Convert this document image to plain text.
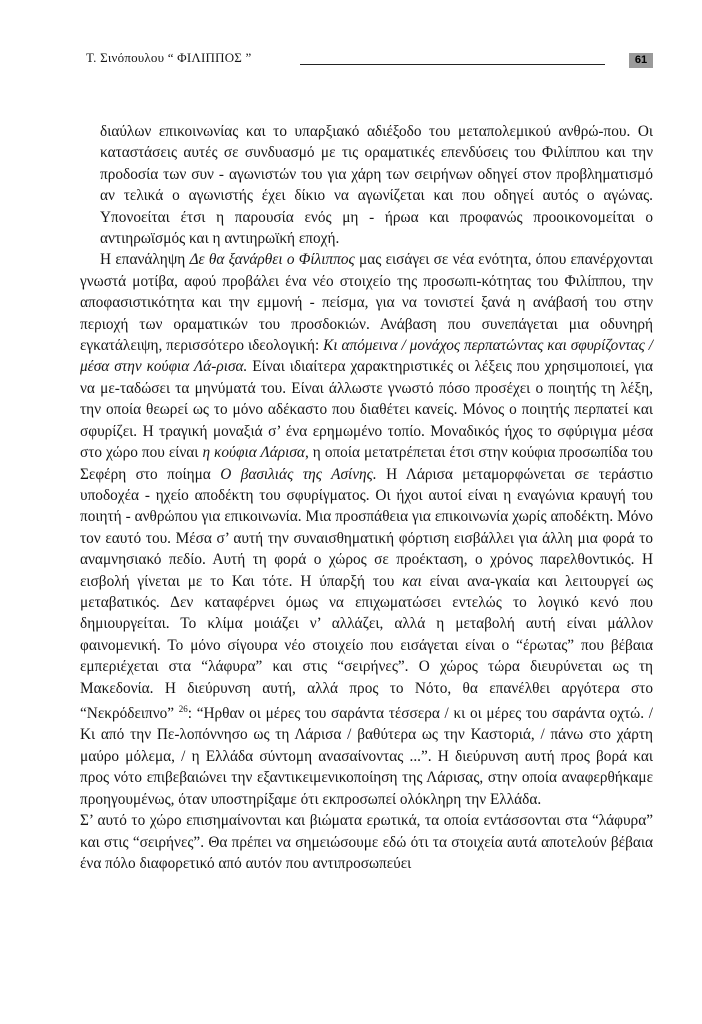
Τ. Σινόπουλου “ ΦΙΛΙΠΠΟΣ ”	61

διαύλων επικοινωνίας και το υπαρξιακό αδιέξοδο του μεταπολεμικού ανθρώ-που. Οι καταστάσεις αυτές σε συνδυασμό με τις οραματικές επενδύσεις του Φιλίππου και την προδοσία των συν - αγωνιστών του για χάρη των σειρήνων οδηγεί στον προβληματισμό αν τελικά ο αγωνιστής έχει δίκιο να αγωνίζεται και που οδηγεί αυτός ο αγώνας. Υπονοείται έτσι η παρουσία ενός μη - ήρωα και προφανώς προοικονομείται ο αντιηρωϊσμός και η αντιηρωϊκή εποχή.

Η επανάληψη Δε θα ξανάρθει ο Φίλιππος μας εισάγει σε νέα ενότητα, όπου επανέρχονται γνωστά μοτίβα, αφού προβάλει ένα νέο στοιχείο της προσωπι-κότητας του Φιλίππου, την αποφασιστικότητα και την εμμονή - πείσμα, για να τονιστεί ξανά η ανάβασή του στην περιοχή των οραματικών του προσδοκιών. Ανάβαση που συνεπάγεται μια οδυνηρή εγκατάλειψη, περισσότερο ιδεολογική: Κι απόμεινα / μονάχος περπατώντας και σφυρίζοντας / μέσα στην κούφια Λά-ρισα. Είναι ιδιαίτερα χαρακτηριστικές οι λέξεις που χρησιμοποιεί, για να με-ταδώσει τα μηνύματά του. Είναι άλλωστε γνωστό πόσο προσέχει ο ποιητής τη λέξη, την οποία θεωρεί ως το μόνο αδέκαστο που διαθέτει κανείς. Μόνος ο ποιητής περπατεί και σφυρίζει. Η τραγική μοναξιά σ’ ένα ερημωμένο τοπίο. Μοναδικός ήχος το σφύριγμα μέσα στο χώρο που είναι η κούφια Λάρισα, η οποία μετατρέπεται έτσι στην κούφια προσωπίδα του Σεφέρη στο ποίημα Ο βασιλιάς της Ασίνης. Η Λάρισα μεταμορφώνεται σε τεράστιο υποδοχέα - ηχείο αποδέκτη του σφυρίγματος. Οι ήχοι αυτοί είναι η εναγώνια κραυγή του ποιητή - ανθρώπου για επικοινωνία. Μια προσπάθεια για επικοινωνία χωρίς αποδέκτη. Μόνο τον εαυτό του. Μέσα σ’ αυτή την συναισθηματική φόρτιση εισβάλλει για άλλη μια φορά το αναμνησιακό πεδίο. Αυτή τη φορά ο χώρος σε προέκταση, ο χρόνος παρελθοντικός. Η εισβολή γίνεται με το Και τότε. Η ύπαρξή του και είναι ανα-γκαία και λειτουργεί ως μεταβατικός. Δεν καταφέρνει όμως να επιχωματώσει εντελώς το λογικό κενό που δημιουργείται. Το κλίμα μοιάζει ν’ αλλάζει, αλλά η μεταβολή αυτή είναι μάλλον φαινομενική. Το μόνο σίγουρα νέο στοιχείο που εισάγεται είναι ο “έρωτας” που βέβαια εμπεριέχεται στα “λάφυρα” και στις “σειρήνες”. Ο χώρος τώρα διευρύνεται ως τη Μακεδονία. Η διεύρυνση αυτή, αλλά προς το Νότο, θα επανέλθει αργότερα στο “Νεκρόδειπνο” $^{26}$: “Ηρθαν οι μέρες του σαράντα τέσσερα / κι οι μέρες του σαράντα οχτώ. / Κι από την Πε-λοπόννησο ως τη Λάρισα / βαθύτερα ως την Καστοριά, / πάνω στο χάρτη μαύρο μόλεμα, / η Ελλάδα σύντομη ανασαίνοντας ...”. Η διεύρυνση αυτή προς βορά και προς νότο επιβεβαιώνει την εξαντικειμενικοποίηση της Λάρισας, στην οποία αναφερθήκαμε προηγουμένως, όταν υποστηρίξαμε ότι εκπροσωπεί ολόκληρη την Ελλάδα.

Σ’ αυτό το χώρο επισημαίνονται και βιώματα ερωτικά, τα οποία εντάσσονται στα “λάφυρα” και στις “σειρήνες”. Θα πρέπει να σημειώσουμε εδώ ότι τα στοιχεία αυτά αποτελούν βέβαια ένα πόλο διαφορετικό από αυτόν που αντιπροσωπεύει
